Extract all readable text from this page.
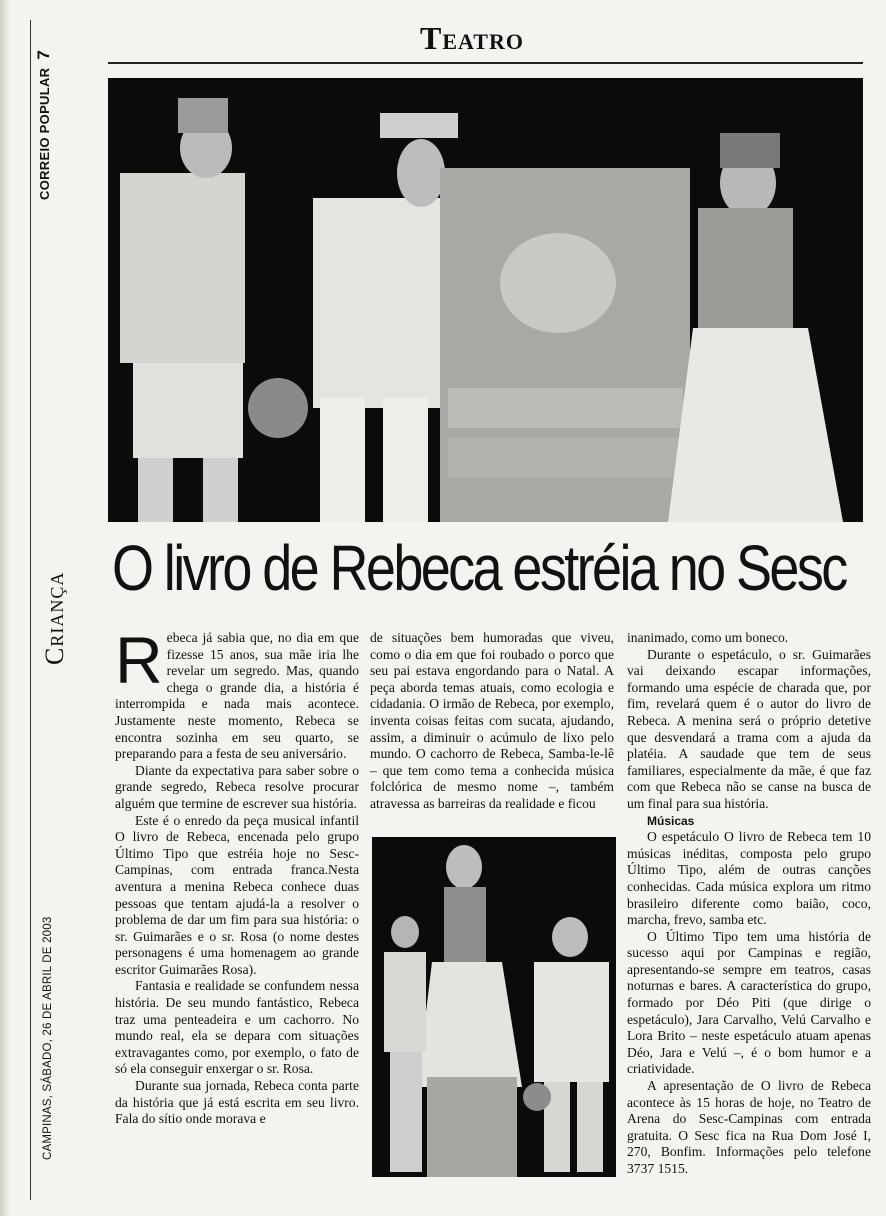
CORREIO POPULAR7
Criança
CAMPINAS, SÁBADO, 26 DE ABRIL DE 2003
Teatro
O livro de Rebeca estréia no Sesc

Rebeca já sabia que, no dia em que fizesse 15 anos, sua mãe iria lhe revelar um segredo. Mas, quando chega o grande dia, a história é interrompida e nada mais acontece. Justamente neste momento, Rebeca se encontra sozinha em seu quarto, se preparando para a festa de seu aniversário.

Diante da expectativa para saber sobre o grande segredo, Rebeca resolve procurar alguém que termine de escrever sua história.

Este é o enredo da peça musical infantil O livro de Rebeca, encenada pelo grupo Último Tipo que estréia hoje no Sesc-Campinas, com entrada franca.Nesta aventura a menina Rebeca conhece duas pessoas que tentam ajudá-la a resolver o problema de dar um fim para sua história: o sr. Guimarães e o sr. Rosa (o nome destes personagens é uma homenagem ao grande escritor Guimarães Rosa).

Fantasia e realidade se confundem nessa história. De seu mundo fantástico, Rebeca traz uma penteadeira e um cachorro. No mundo real, ela se depara com situações extravagantes como, por exemplo, o fato de só ela conseguir enxergar o sr. Rosa.

Durante sua jornada, Rebeca conta parte da história que já está escrita em seu livro. Fala do sítio onde morava e

de situações bem humoradas que viveu, como o dia em que foi roubado o porco que seu pai estava engordando para o Natal. A peça aborda temas atuais, como ecologia e cidadania. O irmão de Rebeca, por exemplo, inventa coisas feitas com sucata, ajudando, assim, a diminuir o acúmulo de lixo pelo mundo. O cachorro de Rebeca, Samba-le-lê – que tem como tema a conhecida música folclórica de mesmo nome –, também atravessa as barreiras da realidade e ficou

inanimado, como um boneco.

Durante o espetáculo, o sr. Guimarães vai deixando escapar informações, formando uma espécie de charada que, por fim, revelará quem é o autor do livro de Rebeca. A menina será o próprio detetive que desvendará a trama com a ajuda da platéia. A saudade que tem de seus familiares, especialmente da mãe, é que faz com que Rebeca não se canse na busca de um final para sua história.

Músicas

O espetáculo O livro de Rebeca tem 10 músicas inéditas, composta pelo grupo Último Tipo, além de outras canções conhecidas. Cada música explora um ritmo brasileiro diferente como baião, coco, marcha, frevo, samba etc.

O Último Tipo tem uma história de sucesso aqui por Campinas e região, apresentando-se sempre em teatros, casas noturnas e bares. A característica do grupo, formado por Déo Piti (que dirige o espetáculo), Jara Carvalho, Velú Carvalho e Lora Brito – neste espetáculo atuam apenas Déo, Jara e Velú –, é o bom humor e a criatividade.

A apresentação de O livro de Rebeca acontece às 15 horas de hoje, no Teatro de Arena do Sesc-Campinas com entrada gratuita. O Sesc fica na Rua Dom José I, 270, Bonfim. Informações pelo telefone 3737 1515.
